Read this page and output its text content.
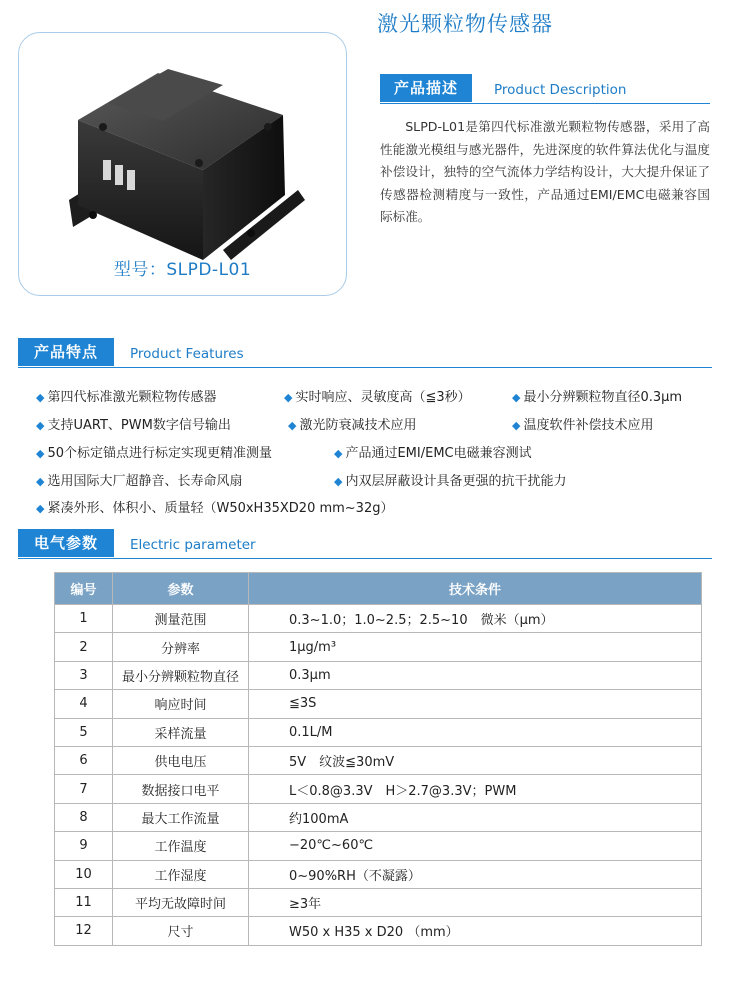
激光颗粒物传感器
型号：SLPD-L01
产品描述	Product Description

SLPD-L01是第四代标准激光颗粒物传感器，采用了高性能激光模组与感光器件，先进深度的软件算法优化与温度补偿设计，独特的空气流体力学结构设计，大大提升保证了传感器检测精度与一致性，产品通过EMI/EMC电磁兼容国际标准。

产品特点	Product Features
◆ 第四代标准激光颗粒物传感器	◆ 实时响应、灵敏度高（≦3秒）	◆ 最小分辨颗粒物直径0.3μm
◆ 支持UART、PWM数字信号输出	◆ 激光防衰减技术应用	◆ 温度软件补偿技术应用
◆ 50个标定锚点进行标定实现更精准测量	◆ 产品通过EMI/EMC电磁兼容测试
◆ 选用国际大厂超静音、长寿命风扇	◆ 内双层屏蔽设计具备更强的抗干扰能力
◆ 紧凑外形、体积小、质量轻（W50xH35XD20 mm~32g）
电气参数	Electric parameter
编号	参数	技术条件
1	测量范围	0.3~1.0；1.0~2.5；2.5~10　微米（μm）
2	分辨率	1μg/m³
3	最小分辨颗粒物直径	0.3μm
4	响应时间	≦3S
5	采样流量	0.1L/M
6	供电电压	5V　纹波≦30mV
7	数据接口电平	L＜0.8@3.3V　H＞2.7@3.3V；PWM
8	最大工作流量	约100mA
9	工作温度	−20℃~60℃
10	工作湿度	0~90%RH（不凝露）
11	平均无故障时间	≥3年
12	尺寸	W50 x H35 x D20 （mm）
